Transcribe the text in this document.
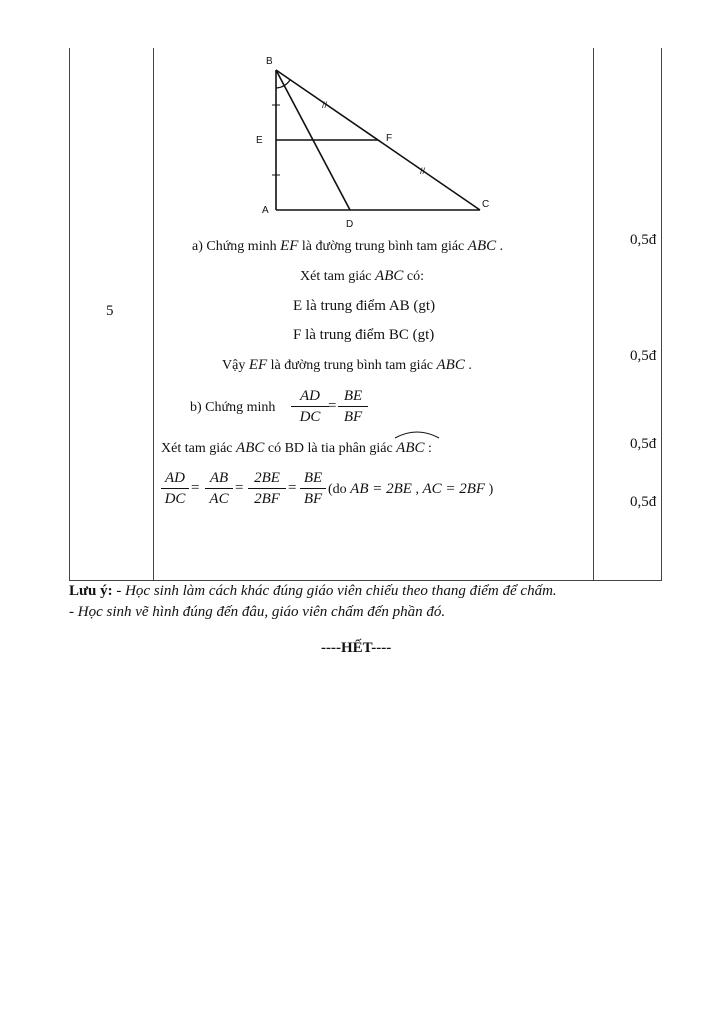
5
0,5đ
0,5đ
0,5đ
0,5đ
B
E	F
A
D
C
//
//
a) Chứng minh EF là đường trung bình tam giác ABC .
Xét tam giác ABC có:
E là trung điểm AB (gt)
F là trung điểm BC (gt)
Vậy EF là đường trung bình tam giác ABC .
b) Chứng minh $\frac{AD}{DC} = \frac{BE}{BF}$
Xét tam giác ABC có BD là tia phân giác
ABC :
$\frac{AD}{DC} = \frac{AB}{AC} = \frac{2BE}{2BF} = \frac{BE}{BF} (do$ AB = 2BE , AC = 2BF )
Lưu ý: - Học sinh làm cách khác đúng giáo viên chiếu theo thang điểm để chấm.
- Học sinh vẽ hình đúng đến đâu, giáo viên chấm đến phần đó.
----HẾT----
